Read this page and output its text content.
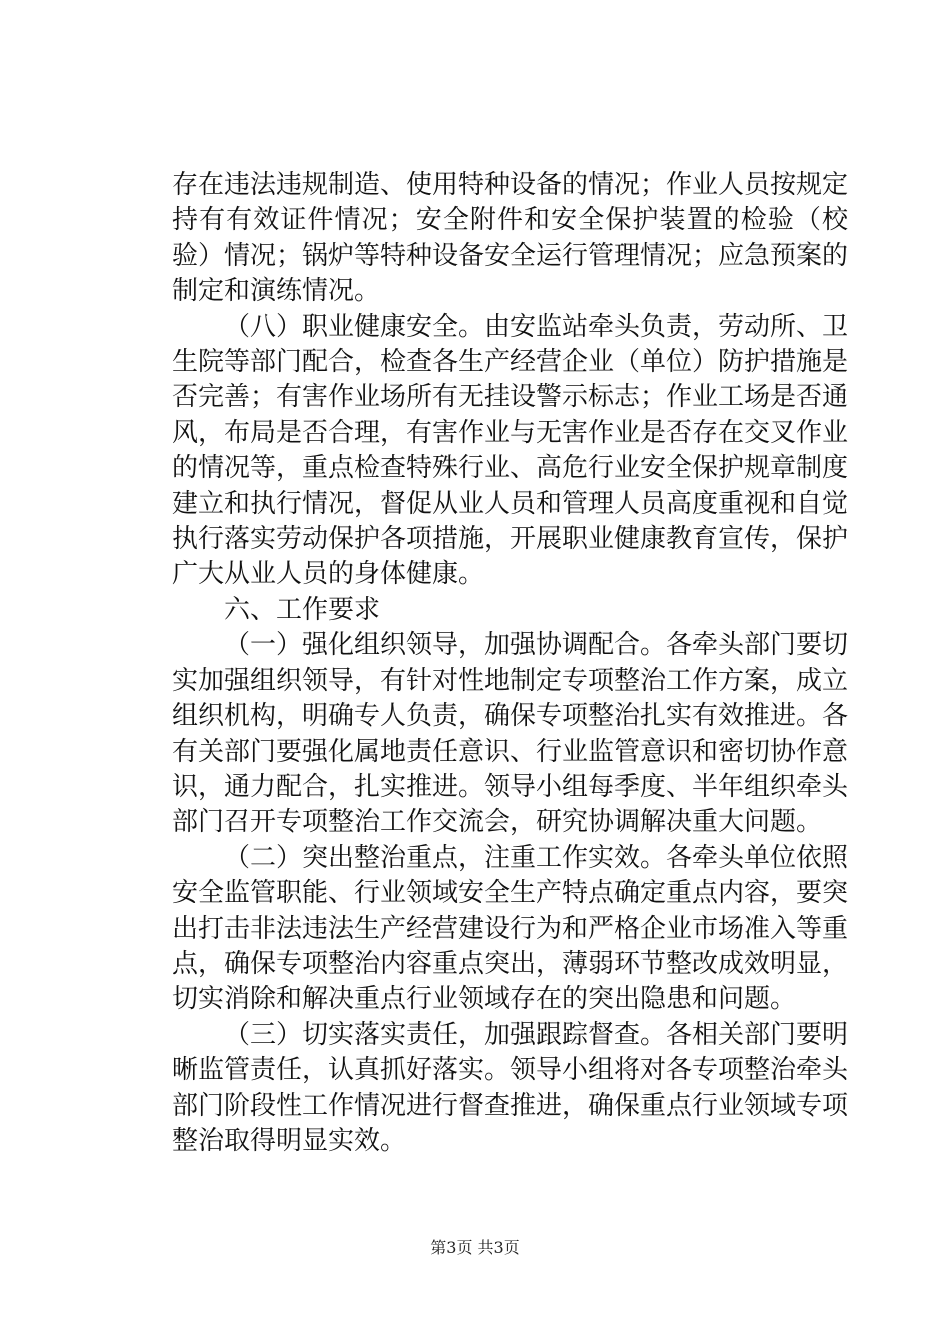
存在违法违规制造、使用特种设备的情况；作业人员按规定持有有效证件情况；安全附件和安全保护装置的检验（校验）情况；锅炉等特种设备安全运行管理情况；应急预案的制定和演练情况。

（八）职业健康安全。由安监站牵头负责，劳动所、卫生院等部门配合，检查各生产经营企业（单位）防护措施是否完善；有害作业场所有无挂设警示标志；作业工场是否通风，布局是否合理，有害作业与无害作业是否存在交叉作业的情况等，重点检查特殊行业、高危行业安全保护规章制度建立和执行情况，督促从业人员和管理人员高度重视和自觉执行落实劳动保护各项措施，开展职业健康教育宣传，保护广大从业人员的身体健康。

六、工作要求

（一）强化组织领导，加强协调配合。各牵头部门要切实加强组织领导，有针对性地制定专项整治工作方案，成立组织机构，明确专人负责，确保专项整治扎实有效推进。各有关部门要强化属地责任意识、行业监管意识和密切协作意识，通力配合，扎实推进。领导小组每季度、半年组织牵头部门召开专项整治工作交流会，研究协调解决重大问题。

（二）突出整治重点，注重工作实效。各牵头单位依照安全监管职能、行业领域安全生产特点确定重点内容，要突出打击非法违法生产经营建设行为和严格企业市场准入等重点，确保专项整治内容重点突出，薄弱环节整改成效明显，切实消除和解决重点行业领域存在的突出隐患和问题。

（三）切实落实责任，加强跟踪督查。各相关部门要明晰监管责任，认真抓好落实。领导小组将对各专项整治牵头部门阶段性工作情况进行督查推进，确保重点行业领域专项整治取得明显实效。

第3页 共3页
